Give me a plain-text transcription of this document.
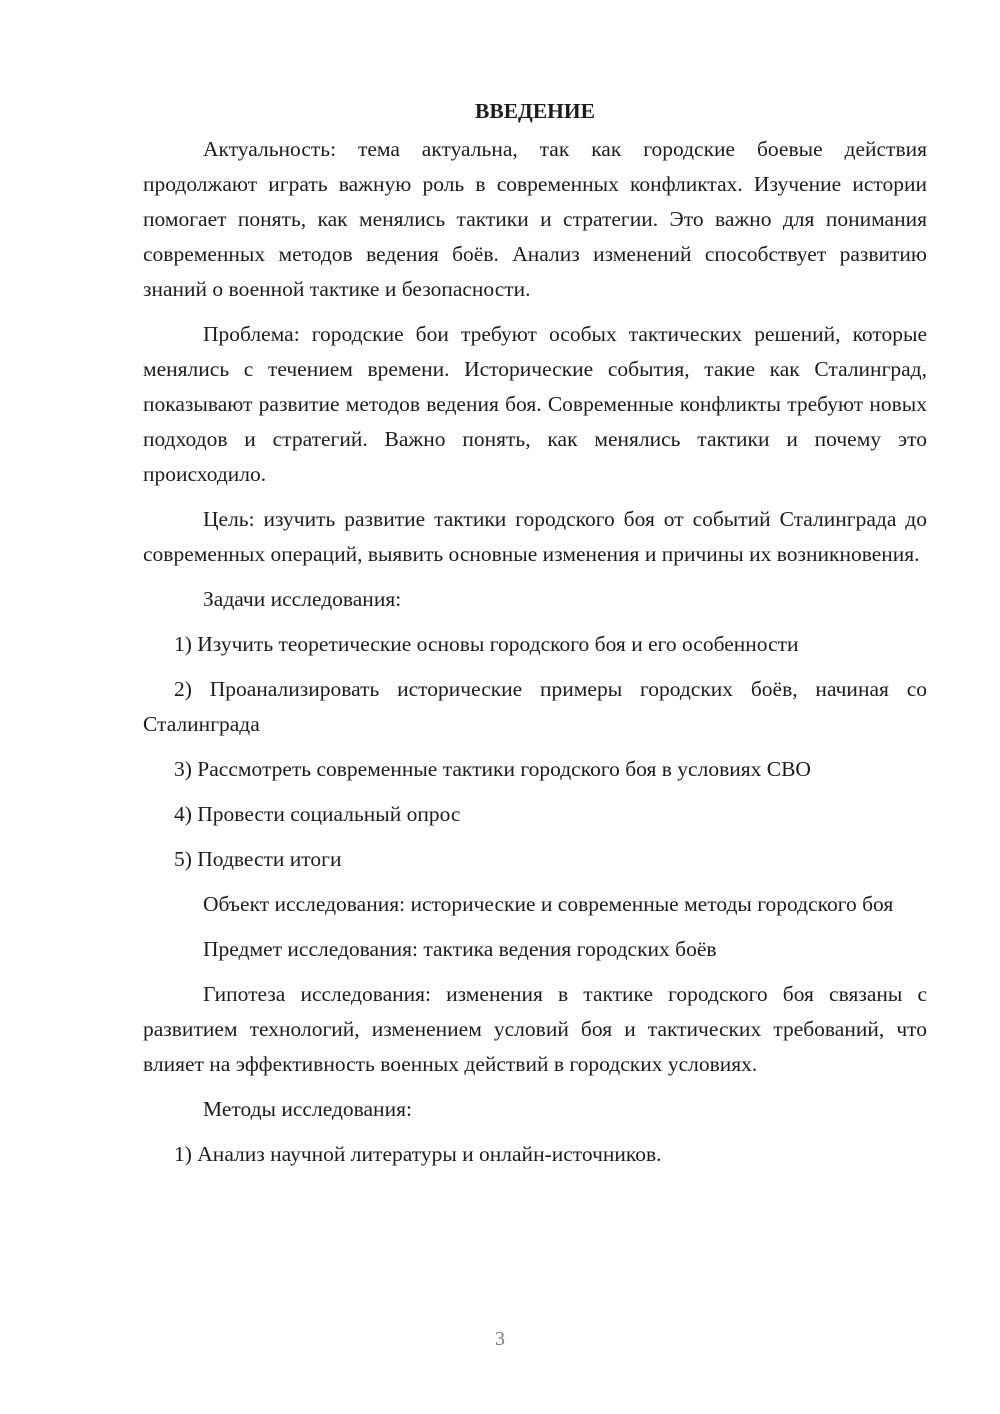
ВВЕДЕНИЕ

Актуальность: тема актуальна, так как городские боевые действия продолжают играть важную роль в современных конфликтах. Изучение истории помогает понять, как менялись тактики и стратегии. Это важно для понимания современных методов ведения боёв. Анализ изменений способствует развитию знаний о военной тактике и безопасности.

Проблема: городские бои требуют особых тактических решений, которые менялись с течением времени. Исторические события, такие как Сталинград, показывают развитие методов ведения боя. Современные конфликты требуют новых подходов и стратегий. Важно понять, как менялись тактики и почему это происходило.

Цель: изучить развитие тактики городского боя от событий Сталинграда до современных операций, выявить основные изменения и причины их возникновения.

Задачи исследования:

1) Изучить теоретические основы городского боя и его особенности

2) Проанализировать исторические примеры городских боёв, начиная со Сталинграда

3) Рассмотреть современные тактики городского боя в условиях СВО

4) Провести социальный опрос

5) Подвести итоги

Объект исследования: исторические и современные методы городского боя

Предмет исследования: тактика ведения городских боёв

Гипотеза исследования: изменения в тактике городского боя связаны с развитием технологий, изменением условий боя и тактических требований, что влияет на эффективность военных действий в городских условиях.

Методы исследования:

1) Анализ научной литературы и онлайн-источников.

3
